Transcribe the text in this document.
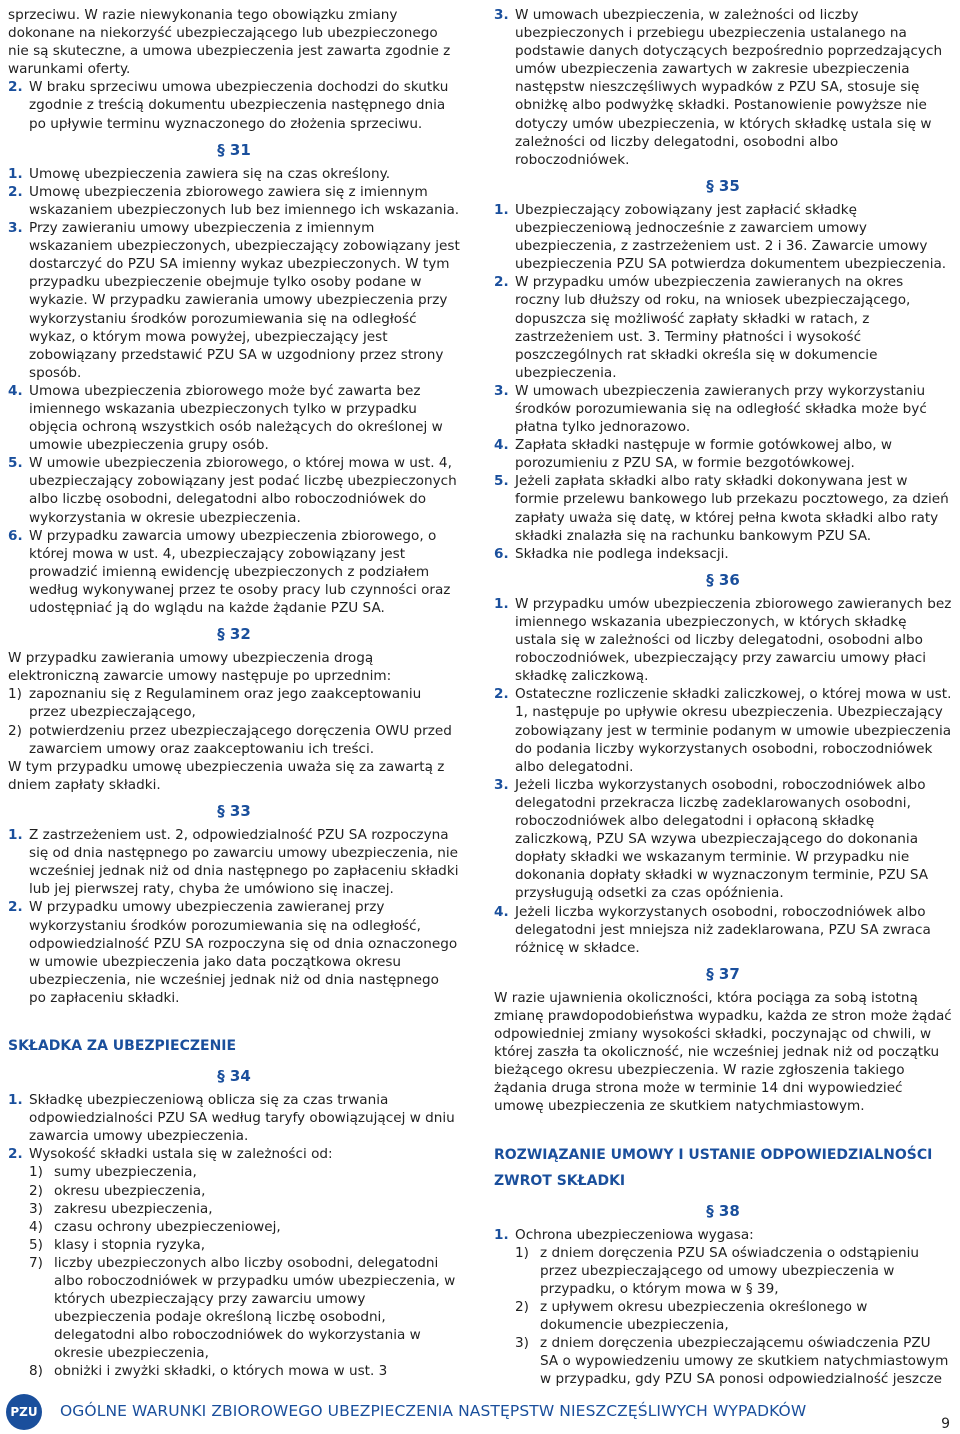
sprzeciwu. W razie niewykonania tego obowiązku zmiany dokonane na niekorzyść ubezpieczającego lub ubezpieczonego nie są skuteczne, a umowa ubezpieczenia jest zawarta zgodnie z warunkami oferty.

2. W braku sprzeciwu umowa ubezpieczenia dochodzi do skutku zgodnie z treścią dokumentu ubezpieczenia następnego dnia po upływie terminu wyznaczonego do złożenia sprzeciwu.
§ 31
1. Umowę ubezpieczenia zawiera się na czas określony.
2. Umowę ubezpieczenia zbiorowego zawiera się z imiennym wskazaniem ubezpieczonych lub bez imiennego ich wskazania.
3. Przy zawieraniu umowy ubezpieczenia z imiennym wskazaniem ubezpieczonych, ubezpieczający zobowiązany jest dostarczyć do PZU SA imienny wykaz ubezpieczonych. W tym przypadku ubezpieczenie obejmuje tylko osoby podane w wykazie. W przypadku zawierania umowy ubezpieczenia przy wykorzystaniu środków porozumiewania się na odległość wykaz, o którym mowa powyżej, ubezpieczający jest zobowiązany przedstawić PZU SA w uzgodniony przez strony sposób.
4. Umowa ubezpieczenia zbiorowego może być zawarta bez imiennego wskazania ubezpieczonych tylko w przypadku objęcia ochroną wszystkich osób należących do określonej w umowie ubezpieczenia grupy osób.
5. W umowie ubezpieczenia zbiorowego, o której mowa w ust. 4, ubezpieczający zobowiązany jest podać liczbę ubezpieczonych albo liczbę osobodni, delegatodni albo roboczodniówek do wykorzystania w okresie ubezpieczenia.
6. W przypadku zawarcia umowy ubezpieczenia zbiorowego, o której mowa w ust. 4, ubezpieczający zobowiązany jest prowadzić imienną ewidencję ubezpieczonych z podziałem według wykonywanej przez te osoby pracy lub czynności oraz udostępniać ją do wglądu na każde żądanie PZU SA.
§ 32

W przypadku zawierania umowy ubezpieczenia drogą elektroniczną zawarcie umowy następuje po uprzednim:

1) zapoznaniu się z Regulaminem oraz jego zaakceptowaniu przez ubezpieczającego,
2) potwierdzeniu przez ubezpieczającego doręczenia OWU przed zawarciem umowy oraz zaakceptowaniu ich treści.

W tym przypadku umowę ubezpieczenia uważa się za zawartą z dniem zapłaty składki.

§ 33
1. Z zastrzeżeniem ust. 2, odpowiedzialność PZU SA rozpoczyna się od dnia następnego po zawarciu umowy ubezpieczenia, nie wcześniej jednak niż od dnia następnego po zapłaceniu składki lub jej pierwszej raty, chyba że umówiono się inaczej.
2. W przypadku umowy ubezpieczenia zawieranej przy wykorzystaniu środków porozumiewania się na odległość, odpowiedzialność PZU SA rozpoczyna się od dnia oznaczonego w umowie ubezpieczenia jako data początkowa okresu ubezpieczenia, nie wcześniej jednak niż od dnia następnego po zapłaceniu składki.
SKŁADKA ZA UBEZPIECZENIE
§ 34
1. Składkę ubezpieczeniową oblicza się za czas trwania odpowiedzialności PZU SA według taryfy obowiązującej w dniu zawarcia umowy ubezpieczenia.
2. Wysokość składki ustala się w zależności od:
1) sumy ubezpieczenia,
2) okresu ubezpieczenia,
3) zakresu ubezpieczenia,
4) czasu ochrony ubezpieczeniowej,
5) klasy i stopnia ryzyka,
7) liczby ubezpieczonych albo liczby osobodni, delegatodni albo roboczodniówek w przypadku umów ubezpieczenia, w których ubezpieczający przy zawarciu umowy ubezpieczenia podaje określoną liczbę osobodni, delegatodni albo roboczodniówek do wykorzystania w okresie ubezpieczenia,
8) obniżki i zwyżki składki, o których mowa w ust. 3
3. W umowach ubezpieczenia, w zależności od liczby ubezpieczonych i przebiegu ubezpieczenia ustalanego na podstawie danych dotyczących bezpośrednio poprzedzających umów ubezpieczenia zawartych w zakresie ubezpieczenia następstw nieszczęśliwych wypadków z PZU SA, stosuje się obniżkę albo podwyżkę składki. Postanowienie powyższe nie dotyczy umów ubezpieczenia, w których składkę ustala się w zależności od liczby delegatodni, osobodni albo roboczodniówek.
§ 35
1. Ubezpieczający zobowiązany jest zapłacić składkę ubezpieczeniową jednocześnie z zawarciem umowy ubezpieczenia, z zastrzeżeniem ust. 2 i 36. Zawarcie umowy ubezpieczenia PZU SA potwierdza dokumentem ubezpieczenia.
2. W przypadku umów ubezpieczenia zawieranych na okres roczny lub dłuższy od roku, na wniosek ubezpieczającego, dopuszcza się możliwość zapłaty składki w ratach, z zastrzeżeniem ust. 3. Terminy płatności i wysokość poszczególnych rat składki określa się w dokumencie ubezpieczenia.
3. W umowach ubezpieczenia zawieranych przy wykorzystaniu środków porozumiewania się na odległość składka może być płatna tylko jednorazowo.
4. Zapłata składki następuje w formie gotówkowej albo, w porozumieniu z PZU SA, w formie bezgotówkowej.
5. Jeżeli zapłata składki albo raty składki dokonywana jest w formie przelewu bankowego lub przekazu pocztowego, za dzień zapłaty uważa się datę, w której pełna kwota składki albo raty składki znalazła się na rachunku bankowym PZU SA.
6. Składka nie podlega indeksacji.
§ 36
1. W przypadku umów ubezpieczenia zbiorowego zawieranych bez imiennego wskazania ubezpieczonych, w których składkę ustala się w zależności od liczby delegatodni, osobodni albo roboczodniówek, ubezpieczający przy zawarciu umowy płaci składkę zaliczkową.
2. Ostateczne rozliczenie składki zaliczkowej, o której mowa w ust. 1, następuje po upływie okresu ubezpieczenia. Ubezpieczający zobowiązany jest w terminie podanym w umowie ubezpieczenia do podania liczby wykorzystanych osobodni, roboczodniówek albo delegatodni.
3. Jeżeli liczba wykorzystanych osobodni, roboczodniówek albo delegatodni przekracza liczbę zadeklarowanych osobodni, roboczodniówek albo delegatodni i opłaconą składkę zaliczkową, PZU SA wzywa ubezpieczającego do dokonania dopłaty składki we wskazanym terminie. W przypadku nie dokonania dopłaty składki w wyznaczonym terminie, PZU SA przysługują odsetki za czas opóźnienia.
4. Jeżeli liczba wykorzystanych osobodni, roboczodniówek albo delegatodni jest mniejsza niż zadeklarowana, PZU SA zwraca różnicę w składce.
§ 37

W razie ujawnienia okoliczności, która pociąga za sobą istotną zmianę prawdopodobieństwa wypadku, każda ze stron może żądać odpowiedniej zmiany wysokości składki, poczynając od chwili, w której zaszła ta okoliczność, nie wcześniej jednak niż od początku bieżącego okresu ubezpieczenia. W razie zgłoszenia takiego żądania druga strona może w terminie 14 dni wypowiedzieć umowę ubezpieczenia ze skutkiem natychmiastowym.

ROZWIĄZANIE UMOWY I USTANIE ODPOWIEDZIALNOŚCI ZWROT SKŁADKI
§ 38
1. Ochrona ubezpieczeniowa wygasa:
1) z dniem doręczenia PZU SA oświadczenia o odstąpieniu przez ubezpieczającego od umowy ubezpieczenia w przypadku, o którym mowa w § 39,
2) z upływem okresu ubezpieczenia określonego w dokumencie ubezpieczenia,
3) z dniem doręczenia ubezpieczającemu oświadczenia PZU SA o wypowiedzeniu umowy ze skutkiem natychmiastowym w przypadku, gdy PZU SA ponosi odpowiedzialność jeszcze
PZU OGÓLNE WARUNKI ZBIOROWEGO UBEZPIECZENIA NASTĘPSTW NIESZCZĘŚLIWYCH WYPADKÓW
9
